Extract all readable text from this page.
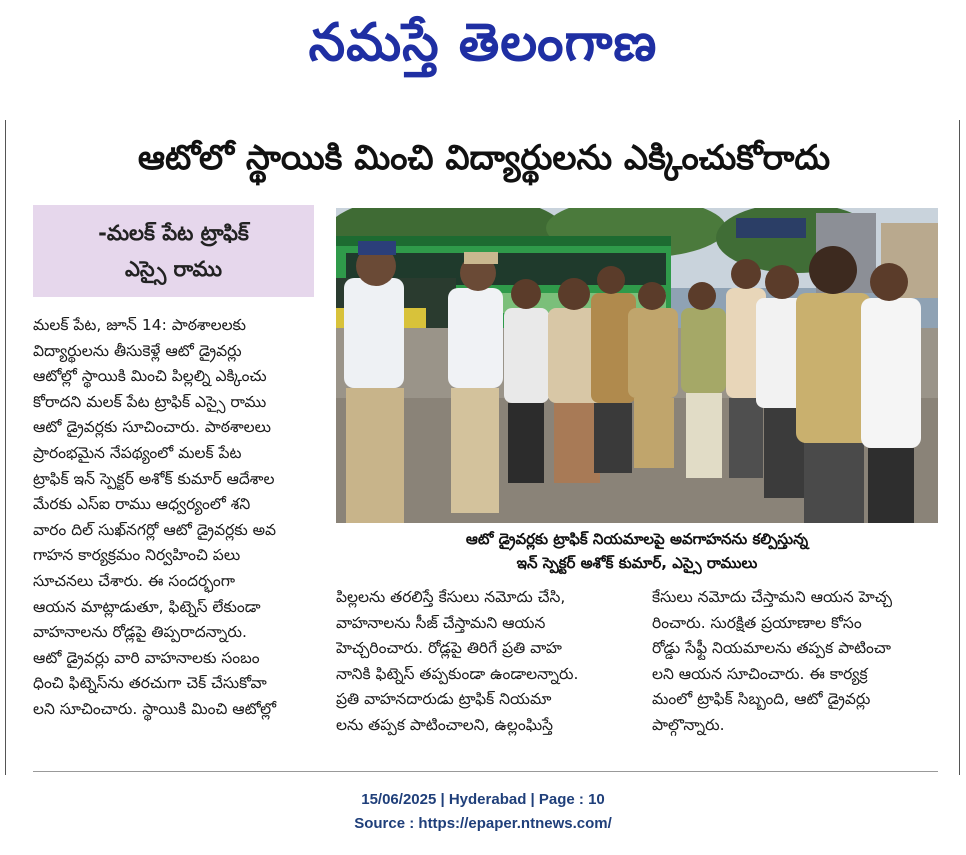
నమస్తే తెలంగాణ
ఆటోలో స్థాయికి మించి విద్యార్థులను ఎక్కించుకోరాదు
-మలక్ పేట ట్రాఫిక్
ఎస్సై రాము
ఆటో డ్రైవర్లకు ట్రాఫిక్ నియమాలపై అవగాహనను కల్పిస్తున్న
ఇన్ స్పెక్టర్ అశోక్ కుమార్, ఎస్సై రాములు
మలక్ పేట, జూన్ 14: పాఠశాలలకు
విద్యార్థులను తీసుకెళ్లే ఆటో డ్రైవర్లు
ఆటోల్లో స్థాయికి మించి పిల్లల్ని ఎక్కించు
కోరాదని మలక్ పేట ట్రాఫిక్ ఎస్సై రాము
ఆటో డ్రైవర్లకు సూచించారు. పాఠశాలలు
ప్రారంభమైన నేపథ్యంలో మలక్ పేట
ట్రాఫిక్ ఇన్ స్పెక్టర్ అశోక్ కుమార్ ఆదేశాల
మేరకు ఎస్ఐ రాము ఆధ్వర్యంలో శని
వారం దిల్ సుఖ్‌నగర్లో ఆటో డ్రైవర్లకు అవ
గాహన కార్యక్రమం నిర్వహించి పలు
సూచనలు చేశారు. ఈ సందర్భంగా
ఆయన మాట్లాడుతూ, ఫిట్నెస్ లేకుండా
వాహనాలను రోడ్లపై తిప్పరాదన్నారు.
ఆటో డ్రైవర్లు వారి వాహనాలకు సంబం
ధించి ఫిట్నెస్‌ను తరచుగా చెక్ చేసుకోవా
లని సూచించారు. స్థాయికి మించి ఆటోల్లో
పిల్లలను తరలిస్తే కేసులు నమోదు చేసి,
వాహనాలను సీజ్ చేస్తామని ఆయన
హెచ్చరించారు. రోడ్లపై తిరిగే ప్రతి వాహ
నానికి ఫిట్నెస్ తప్పకుండా ఉండాలన్నారు.
ప్రతి వాహనదారుడు ట్రాఫిక్ నియమా
లను తప్పక పాటించాలని, ఉల్లంఘిస్తే
కేసులు నమోదు చేస్తామని ఆయన హెచ్చ
రించారు. సురక్షిత ప్రయాణాల కోసం
రోడ్డు సేఫ్టీ నియమాలను తప్పక పాటించా
లని ఆయన సూచించారు. ఈ కార్యక్ర
మంలో ట్రాఫిక్ సిబ్బంది, ఆటో డ్రైవర్లు
పాల్గొన్నారు.
15/06/2025 | Hyderabad | Page : 10
Source : https://epaper.ntnews.com/
